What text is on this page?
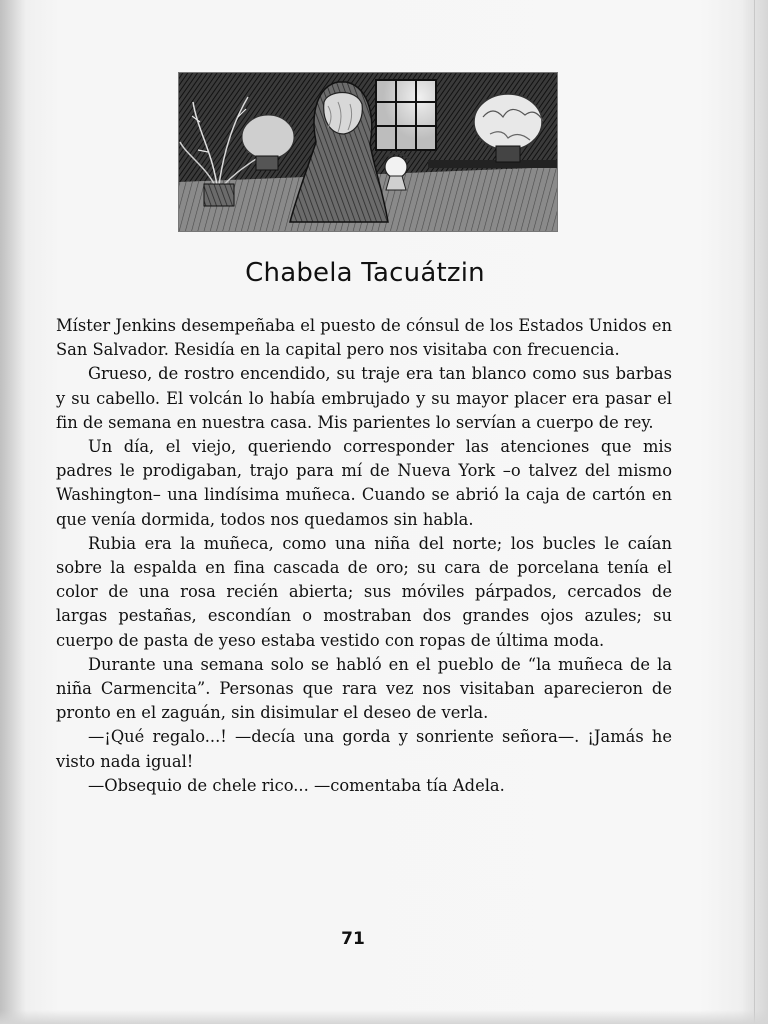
Chabela Tacuátzin

Míster Jenkins desempeñaba el puesto de cónsul de los Estados Unidos en San Salvador. Residía en la capital pero nos visitaba con frecuencia.

Grueso, de rostro encendido, su traje era tan blanco como sus barbas y su cabello. El volcán lo había embrujado y su mayor placer era pasar el fin de semana en nuestra casa. Mis parientes lo servían a cuerpo de rey.

Un día, el viejo, queriendo corresponder las atenciones que mis padres le prodigaban, trajo para mí de Nueva York –o talvez del mismo Washington– una lindísima muñeca. Cuando se abrió la caja de cartón en que venía dormida, todos nos quedamos sin habla.

Rubia era la muñeca, como una niña del norte; los bucles le caían sobre la espalda en fina cascada de oro; su cara de porcelana tenía el color de una rosa recién abierta; sus móviles párpados, cercados de largas pestañas, escondían o mostraban dos grandes ojos azules; su cuerpo de pasta de yeso estaba vestido con ropas de última moda.

Durante una semana solo se habló en el pueblo de “la muñeca de la niña Carmencita”. Personas que rara vez nos visitaban aparecieron de pronto en el zaguán, sin disimular el deseo de verla.

—¡Qué regalo...! —decía una gorda y sonriente señora—. ¡Jamás he visto nada igual!

—Obsequio de chele rico... —comentaba tía Adela.

71
